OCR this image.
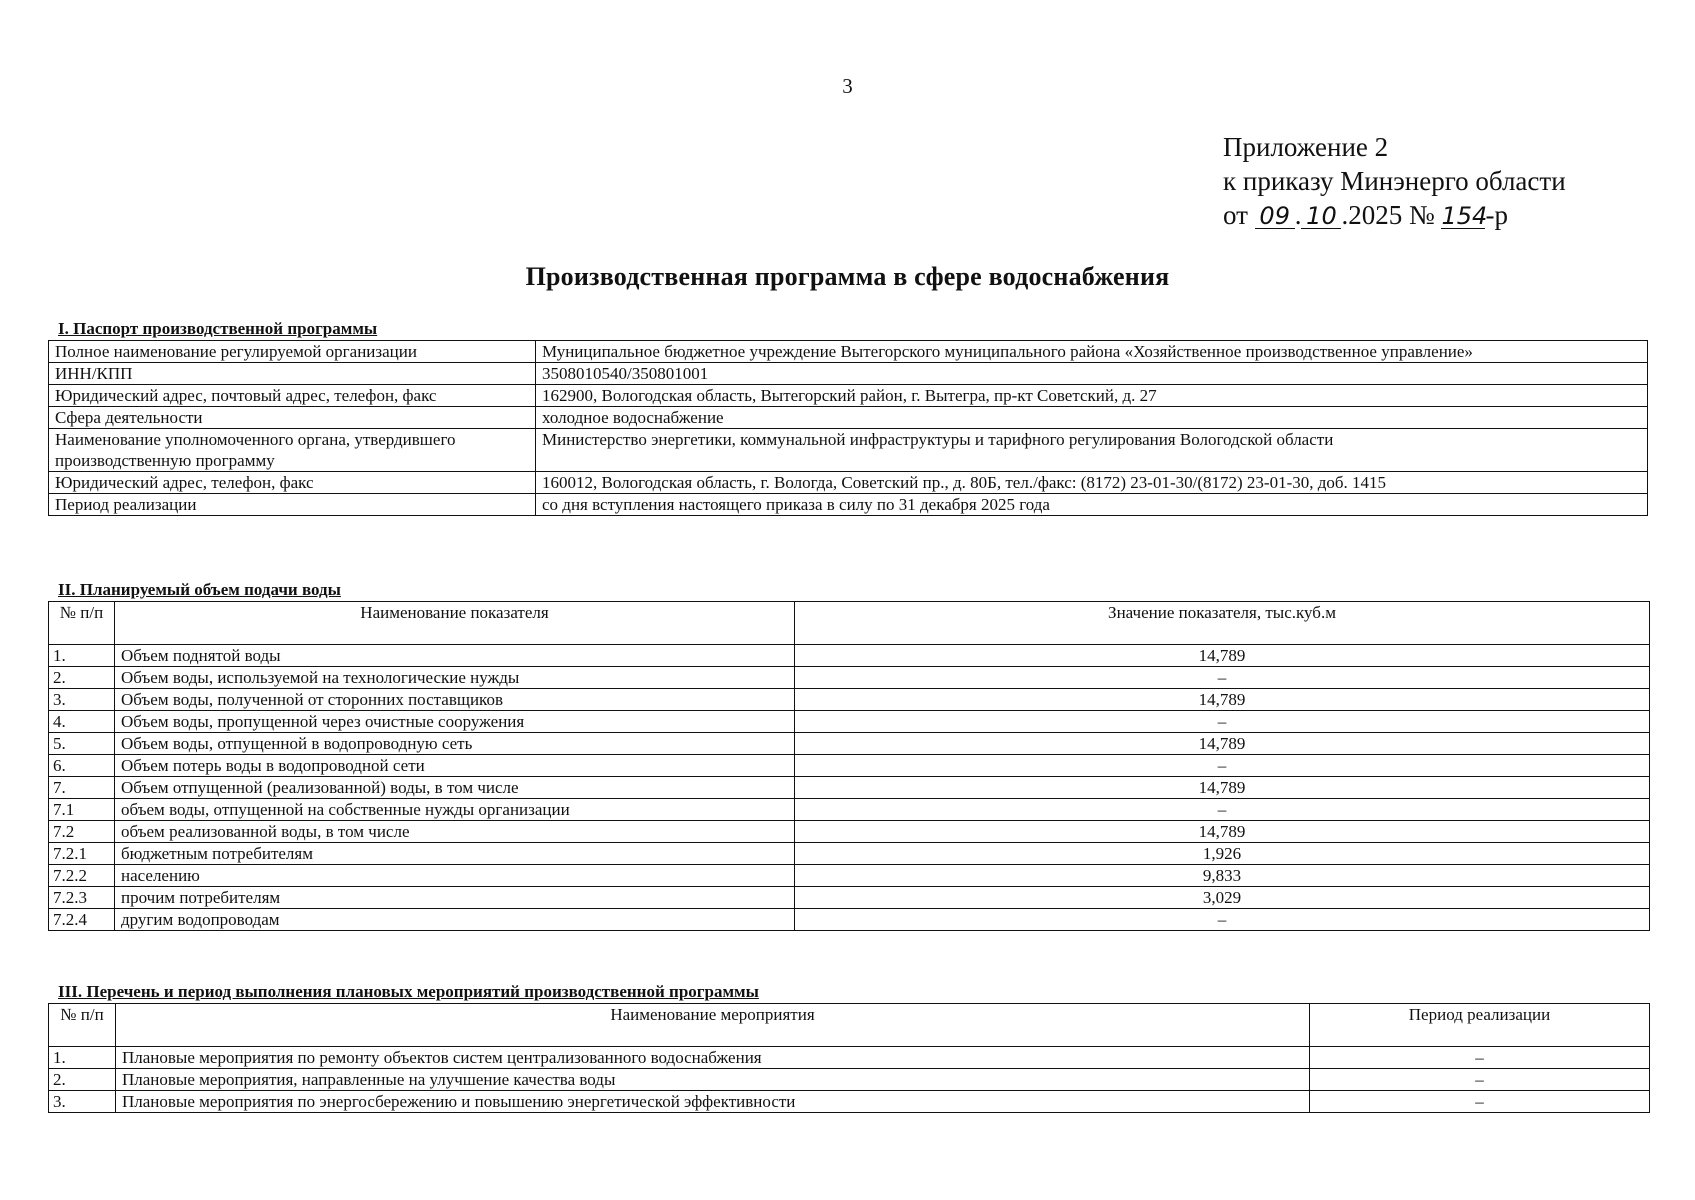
3
Приложение 2
к приказу Минэнерго области
от 09 . 10 .2025 № 154-р
Производственная программа в сфере водоснабжения
I. Паспорт производственной программы
Полное наименование регулируемой организации	Муниципальное бюджетное учреждение Вытегорского муниципального района «Хозяйственное производственное управление»
ИНН/КПП	3508010540/350801001
Юридический адрес, почтовый адрес, телефон, факс	162900, Вологодская область, Вытегорский район, г. Вытегра, пр-кт Советский, д. 27
Сфера деятельности	холодное водоснабжение
Наименование уполномоченного органа, утвердившего производственную программу	Министерство энергетики, коммунальной инфраструктуры и тарифного регулирования Вологодской области
Юридический адрес, телефон, факс	160012, Вологодская область, г. Вологда, Советский пр., д. 80Б, тел./факс: (8172) 23-01-30/(8172) 23-01-30, доб. 1415
Период реализации	со дня вступления настоящего приказа в силу по 31 декабря 2025 года
II. Планируемый объем подачи воды
№ п/п	Наименование показателя	Значение показателя, тыс.куб.м
1.	Объем поднятой воды	14,789
2.	Объем воды, используемой на технологические нужды	–
3.	Объем воды, полученной от сторонних поставщиков	14,789
4.	Объем воды, пропущенной через очистные сооружения	–
5.	Объем воды, отпущенной в водопроводную сеть	14,789
6.	Объем потерь воды в водопроводной сети	–
7.	Объем отпущенной (реализованной) воды, в том числе	14,789
7.1	объем воды, отпущенной на собственные нужды организации	–
7.2	объем реализованной воды, в том числе	14,789
7.2.1	бюджетным потребителям	1,926
7.2.2	населению	9,833
7.2.3	прочим потребителям	3,029
7.2.4	другим водопроводам	–
III. Перечень и период выполнения плановых мероприятий производственной программы
№ п/п	Наименование мероприятия	Период реализации
1.	Плановые мероприятия по ремонту объектов систем централизованного водоснабжения	–
2.	Плановые мероприятия, направленные на улучшение качества воды	–
3.	Плановые мероприятия по энергосбережению и повышению энергетической эффективности	–
